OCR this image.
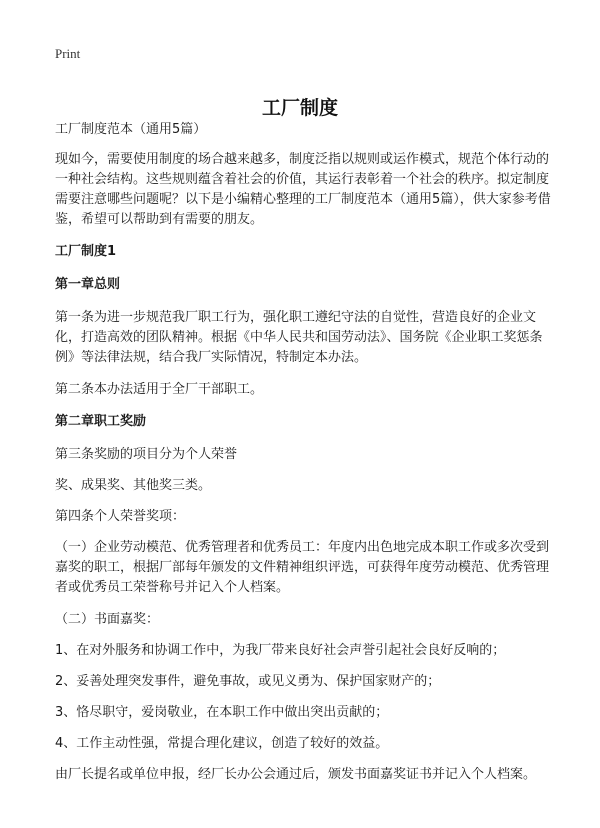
Print
工厂制度

工厂制度范本（通用5篇）

现如今，需要使用制度的场合越来越多，制度泛指以规则或运作模式，规范个体行动的一种社会结构。这些规则蕴含着社会的价值，其运行表彰着一个社会的秩序。拟定制度需要注意哪些问题呢？以下是小编精心整理的工厂制度范本（通用5篇），供大家参考借鉴，希望可以帮助到有需要的朋友。

工厂制度1

第一章总则

第一条为进一步规范我厂职工行为，强化职工遵纪守法的自觉性，营造良好的企业文化，打造高效的团队精神。根据《中华人民共和国劳动法》、国务院《企业职工奖惩条例》等法律法规，结合我厂实际情况，特制定本办法。

第二条本办法适用于全厂干部职工。

第二章职工奖励

第三条奖励的项目分为个人荣誉

奖、成果奖、其他奖三类。

第四条个人荣誉奖项：

（一）企业劳动模范、优秀管理者和优秀员工：年度内出色地完成本职工作或多次受到嘉奖的职工，根据厂部每年颁发的文件精神组织评选，可获得年度劳动模范、优秀管理者或优秀员工荣誉称号并记入个人档案。

（二）书面嘉奖：

1、在对外服务和协调工作中，为我厂带来良好社会声誉引起社会良好反响的；

2、妥善处理突发事件，避免事故，或见义勇为、保护国家财产的；

3、恪尽职守，爱岗敬业，在本职工作中做出突出贡献的；

4、工作主动性强，常提合理化建议，创造了较好的效益。

由厂长提名或单位申报，经厂长办公会通过后，颁发书面嘉奖证书并记入个人档案。
